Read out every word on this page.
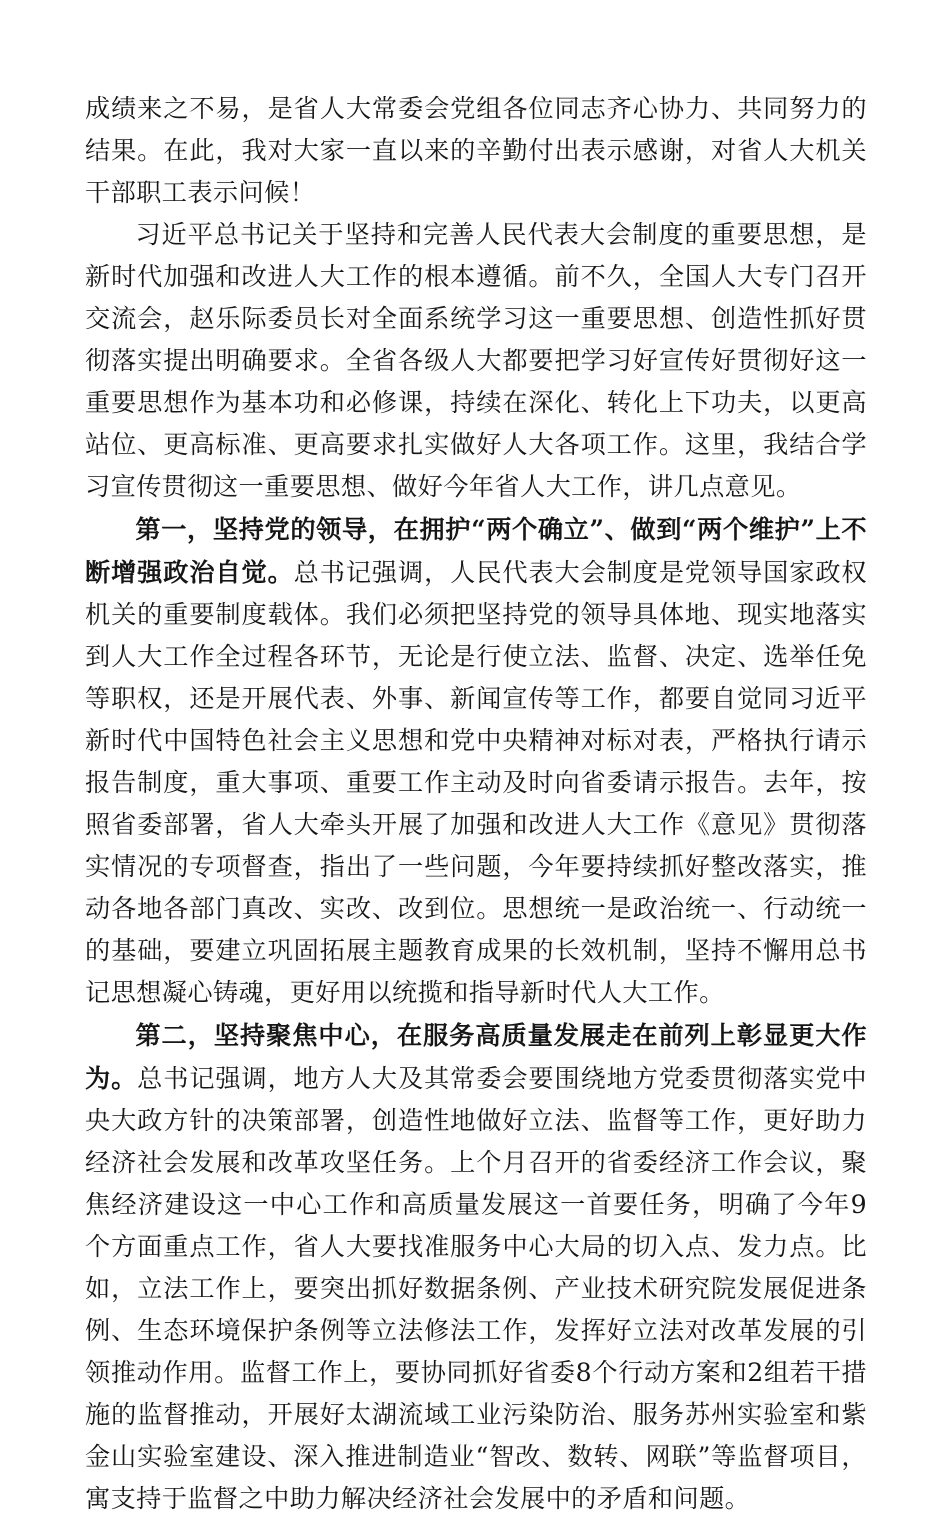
成绩来之不易，是省人大常委会党组各位同志齐心协力、共同努力的结果。在此，我对大家一直以来的辛勤付出表示感谢，对省人大机关干部职工表示问候！

习近平总书记关于坚持和完善人民代表大会制度的重要思想，是新时代加强和改进人大工作的根本遵循。前不久，全国人大专门召开交流会，赵乐际委员长对全面系统学习这一重要思想、创造性抓好贯彻落实提出明确要求。全省各级人大都要把学习好宣传好贯彻好这一重要思想作为基本功和必修课，持续在深化、转化上下功夫，以更高站位、更高标准、更高要求扎实做好人大各项工作。这里，我结合学习宣传贯彻这一重要思想、做好今年省人大工作，讲几点意见。

第一，坚持党的领导，在拥护“两个确立”、做到“两个维护”上不断增强政治自觉。总书记强调，人民代表大会制度是党领导国家政权机关的重要制度载体。我们必须把坚持党的领导具体地、现实地落实到人大工作全过程各环节，无论是行使立法、监督、决定、选举任免等职权，还是开展代表、外事、新闻宣传等工作，都要自觉同习近平新时代中国特色社会主义思想和党中央精神对标对表，严格执行请示报告制度，重大事项、重要工作主动及时向省委请示报告。去年，按照省委部署，省人大牵头开展了加强和改进人大工作《意见》贯彻落实情况的专项督查，指出了一些问题，今年要持续抓好整改落实，推动各地各部门真改、实改、改到位。思想统一是政治统一、行动统一的基础，要建立巩固拓展主题教育成果的长效机制，坚持不懈用总书记思想凝心铸魂，更好用以统揽和指导新时代人大工作。

第二，坚持聚焦中心，在服务高质量发展走在前列上彰显更大作为。总书记强调，地方人大及其常委会要围绕地方党委贯彻落实党中央大政方针的决策部署，创造性地做好立法、监督等工作，更好助力经济社会发展和改革攻坚任务。上个月召开的省委经济工作会议，聚焦经济建设这一中心工作和高质量发展这一首要任务，明确了今年9个方面重点工作，省人大要找准服务中心大局的切入点、发力点。比如，立法工作上，要突出抓好数据条例、产业技术研究院发展促进条例、生态环境保护条例等立法修法工作，发挥好立法对改革发展的引领推动作用。监督工作上，要协同抓好省委8个行动方案和2组若干措施的监督推动，开展好太湖流域工业污染防治、服务苏州实验室和紫金山实验室建设、深入推进制造业“智改、数转、网联”等监督项目，寓支持于监督之中助力解决经济社会发展中的矛盾和问题。
